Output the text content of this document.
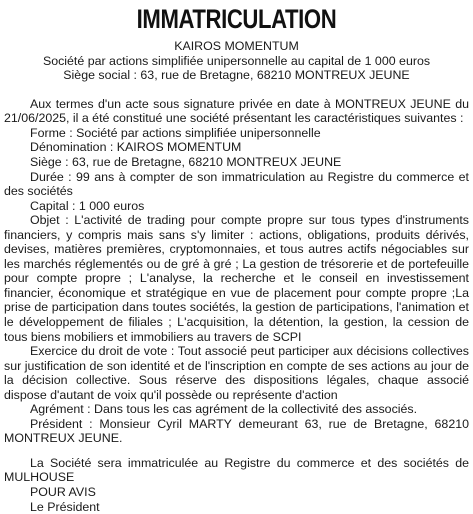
IMMATRICULATION
KAIROS MOMENTUM
Société par actions simplifiée unipersonnelle au capital de 1 000 euros
Siège social : 63, rue de Bretagne, 68210 MONTREUX JEUNE

Aux termes d'un acte sous signature privée en date à MONTREUX JEUNE du 21/06/2025, il a été constitué une société présentant les caractéristiques suivantes :

Forme : Société par actions simplifiée unipersonnelle

Dénomination : KAIROS MOMENTUM

Siège : 63, rue de Bretagne, 68210 MONTREUX JEUNE

Durée : 99 ans à compter de son immatriculation au Registre du commerce et des sociétés

Capital : 1 000 euros

Objet : L'activité de trading pour compte propre sur tous types d'instruments financiers, y compris mais sans s'y limiter : actions, obligations, produits dérivés, devises, matières premières, cryptomonnaies, et tous autres actifs négociables sur les marchés réglementés ou de gré à gré ; La gestion de trésorerie et de portefeuille pour compte propre ; L'analyse, la recherche et le conseil en investissement financier, économique et stratégique en vue de placement pour compte propre ;La prise de participation dans toutes sociétés, la gestion de participations, l'animation et le développement de filiales ; L'acquisition, la détention, la gestion, la cession de tous biens mobiliers et immobiliers au travers de SCPI

Exercice du droit de vote : Tout associé peut participer aux décisions collectives sur justification de son identité et de l'inscription en compte de ses actions au jour de la décision collective. Sous réserve des dispositions légales, chaque associé dispose d'autant de voix qu'il possède ou représente d'action

Agrément : Dans tous les cas agrément de la collectivité des associés.

Président : Monsieur Cyril MARTY demeurant 63, rue de Bretagne, 68210 MONTREUX JEUNE.

La Société sera immatriculée au Registre du commerce et des sociétés de MULHOUSE

POUR AVIS

Le Président
